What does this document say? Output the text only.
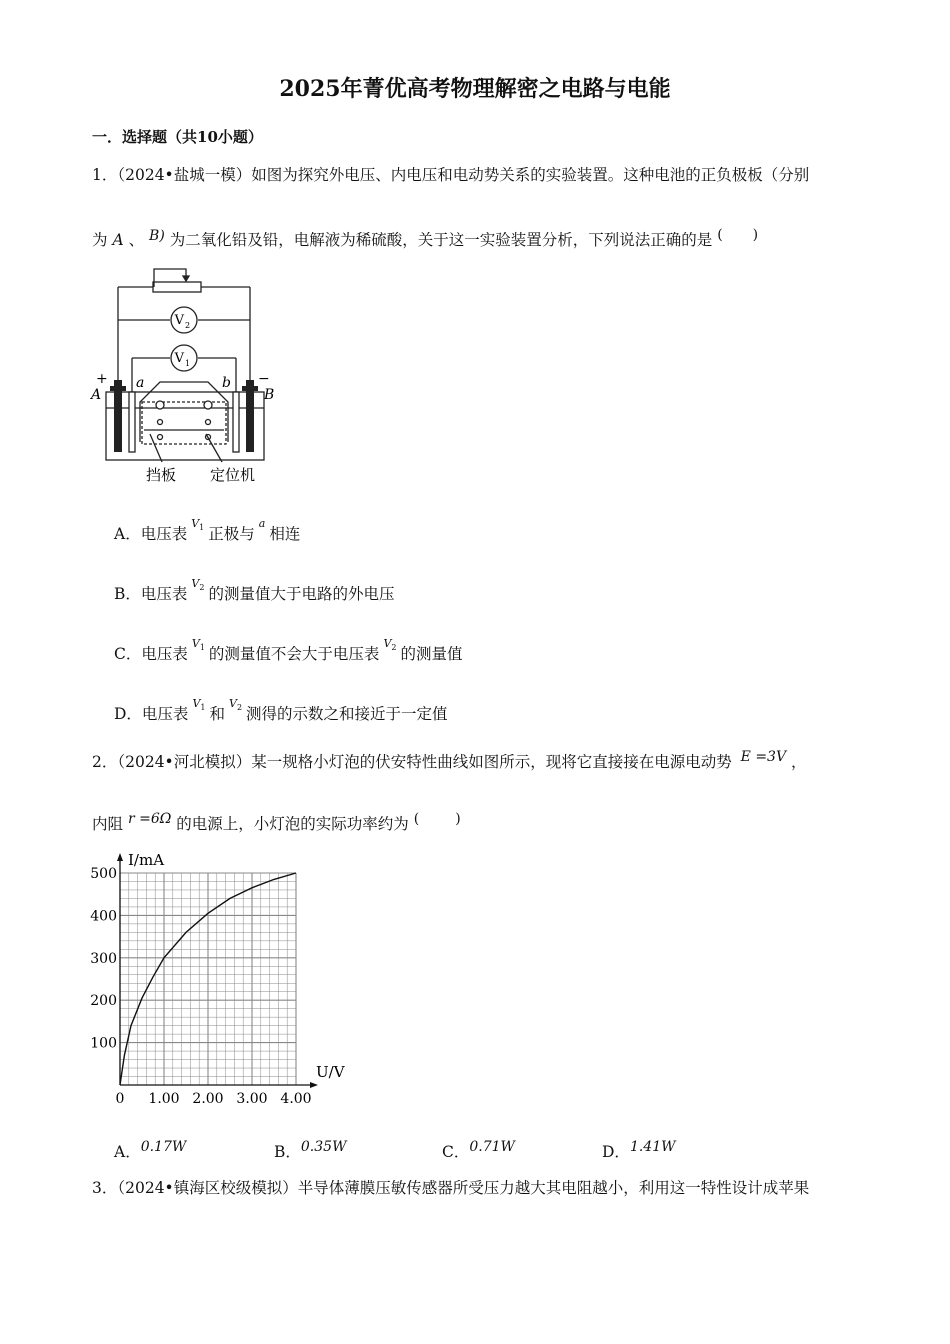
2025年菁优高考物理解密之电路与电能
一．选择题（共10小题）
1．（2024•盐城一模）如图为探究外电压、内电压和电动势关系的实验装置。这种电池的正负极板（分别
为 A 、 B) 为二氧化铅及铅，电解液为稀硫酸，关于这一实验装置分析，下列说法正确的是 ( )
V 2
V 1
+
A
a	b −
B
挡板 定位机
A．电压表$^{V_1}$ 正极与$^a$相连
B．电压表$^{V_2}$ 的测量值大于电路的外电压
C．电压表$^{V_1}$ 的测量值不会大于电压表$^{V_2}$ 的测量值
D．电压表$^{V_1}$ 和$^{V_2}$ 测得的示数之和接近于一定值
2．（2024•河北模拟）某一规格小灯泡的伏安特性曲线如图所示，现将它直接接在电源电动势 E =3V ，
内阻 r =6Ω 的电源上，小灯泡的实际功率约为 (	)
0 1.00 2.00 3.00 4.00
100
200
300
400
500
I/mA
U/V
A．0.17W	B．0.35W	C．0.71W	D．1.41W
3．（2024•镇海区校级模拟）半导体薄膜压敏传感器所受压力越大其电阻越小，利用这一特性设计成苹果
